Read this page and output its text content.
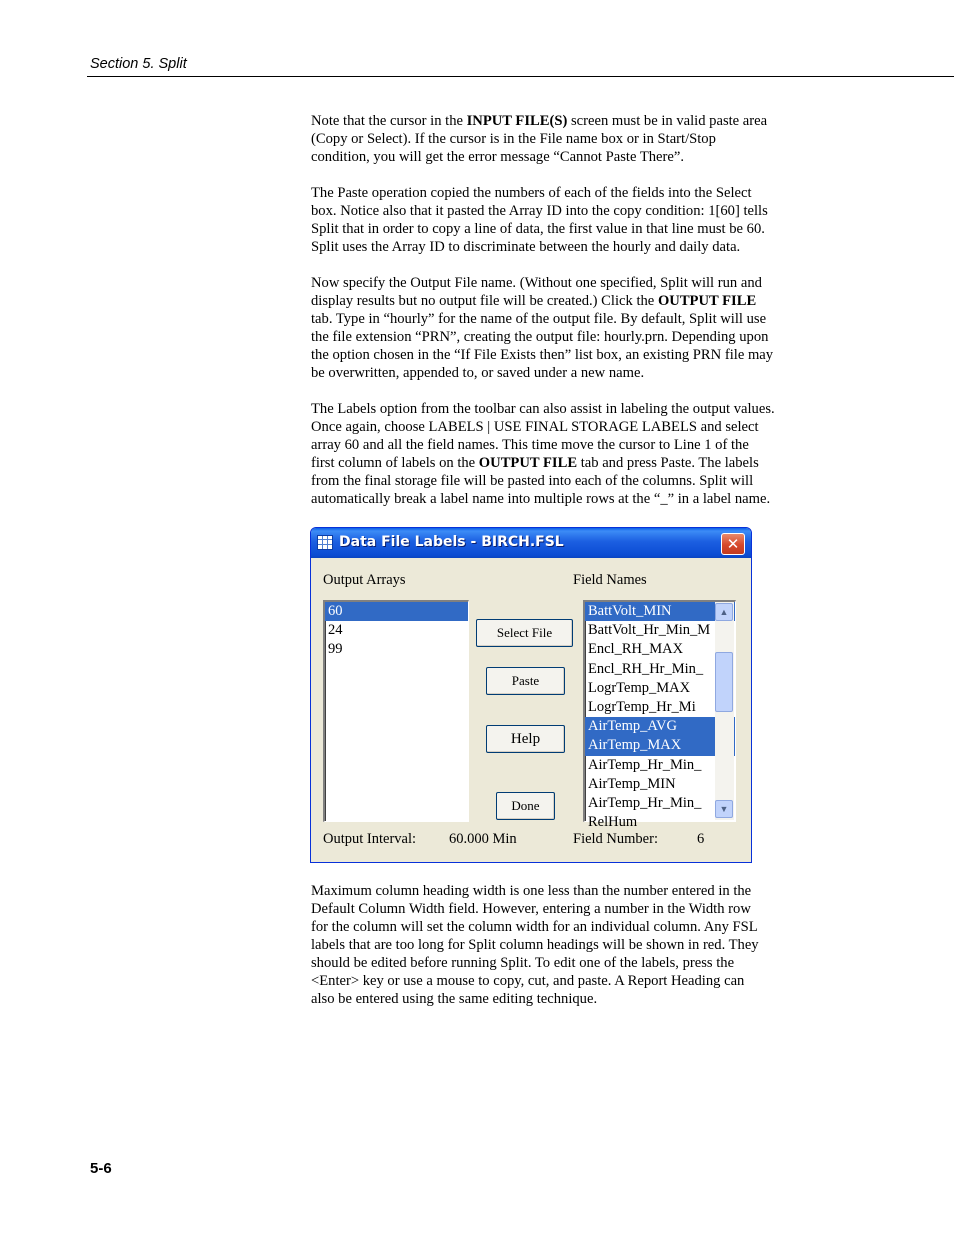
Section 5. Split

Note that the cursor in the INPUT FILE(S) screen must be in valid paste area
(Copy or Select). If the cursor is in the File name box or in Start/Stop
condition, you will get the error message “Cannot Paste There”.

The Paste operation copied the numbers of each of the fields into the Select
box. Notice also that it pasted the Array ID into the copy condition: 1[60] tells
Split that in order to copy a line of data, the first value in that line must be 60.
Split uses the Array ID to discriminate between the hourly and daily data.

Now specify the Output File name. (Without one specified, Split will run and
display results but no output file will be created.) Click the OUTPUT FILE
tab. Type in “hourly” for the name of the output file. By default, Split will use
the file extension “PRN”, creating the output file: hourly.prn. Depending upon
the option chosen in the “If File Exists then” list box, an existing PRN file may
be overwritten, appended to, or saved under a new name.

The Labels option from the toolbar can also assist in labeling the output values.
Once again, choose LABELS | USE FINAL STORAGE LABELS and select
array 60 and all the field names. This time move the cursor to Line 1 of the
first column of labels on the OUTPUT FILE tab and press Paste. The labels
from the final storage file will be pasted into each of the columns. Split will
automatically break a label name into multiple rows at the “_” in a label name.

Data File Labels - BIRCH.FSL	✕
Output Arrays	Field Names
60
24
99
BattVolt_MIN
BattVolt_Hr_Min_M
Encl_RH_MAX
Encl_RH_Hr_Min_
LogrTemp_MAX
LogrTemp_Hr_Mi
AirTemp_AVG
AirTemp_MAX
AirTemp_Hr_Min_
AirTemp_MIN
AirTemp_Hr_Min_
RelHum
▲
▼
Select File
Paste
Help
Done
Output Interval: 60.000 Min	Field Number:	6

Maximum column heading width is one less than the number entered in the
Default Column Width field. However, entering a number in the Width row
for the column will set the column width for an individual column. Any FSL
labels that are too long for Split column headings will be shown in red. They
should be edited before running Split. To edit one of the labels, press the
<Enter> key or use a mouse to copy, cut, and paste. A Report Heading can
also be entered using the same editing technique.

5-6
